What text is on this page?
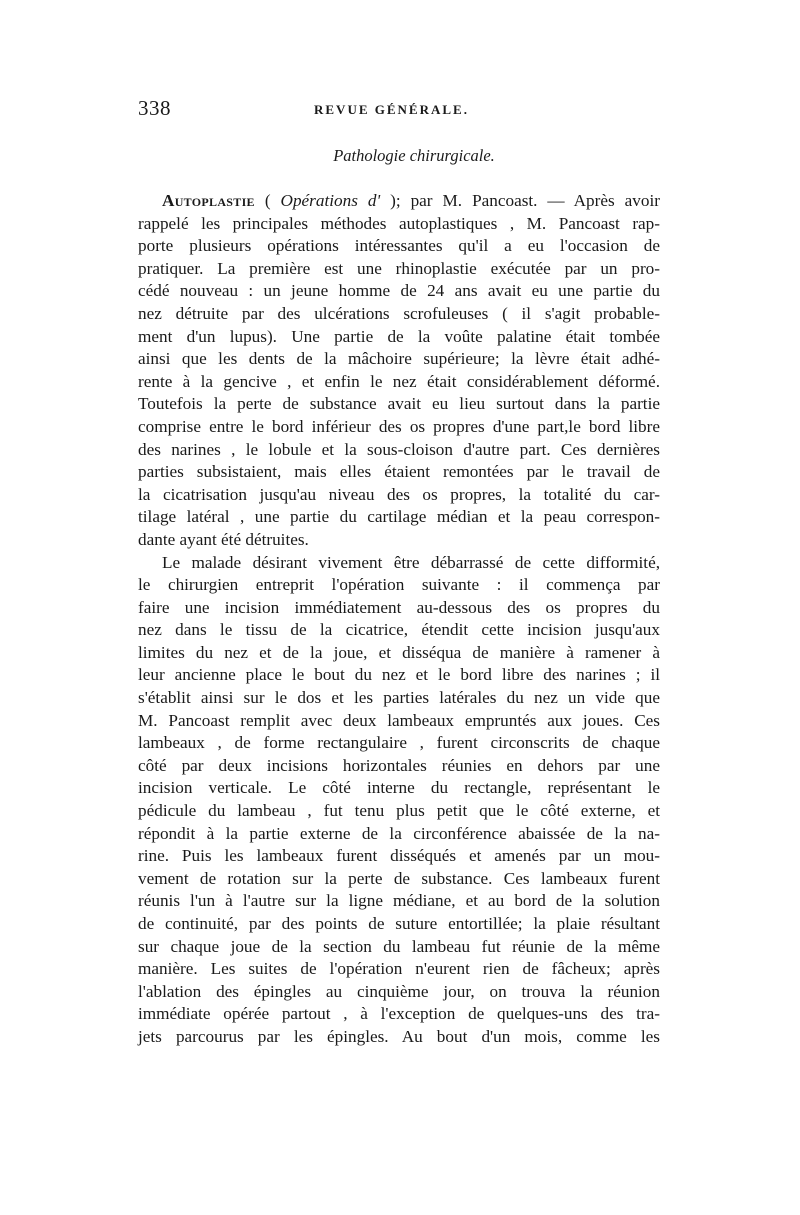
338	REVUE GÉNÉRALE.
Pathologie chirurgicale.
Autoplastie ( Opérations d' ); par M. Pancoast. — Après avoir
rappelé les principales méthodes autoplastiques , M. Pancoast rap-
porte plusieurs opérations intéressantes qu'il a eu l'occasion de
pratiquer. La première est une rhinoplastie exécutée par un pro-
cédé nouveau : un jeune homme de 24 ans avait eu une partie du
nez détruite par des ulcérations scrofuleuses ( il s'agit probable-
ment d'un lupus). Une partie de la voûte palatine était tombée
ainsi que les dents de la mâchoire supérieure; la lèvre était adhé-
rente à la gencive , et enfin le nez était considérablement déformé.
Toutefois la perte de substance avait eu lieu surtout dans la partie
comprise entre le bord inférieur des os propres d'une part,le bord libre
des narines , le lobule et la sous-cloison d'autre part. Ces dernières
parties subsistaient, mais elles étaient remontées par le travail de
la cicatrisation jusqu'au niveau des os propres, la totalité du car-
tilage latéral , une partie du cartilage médian et la peau correspon-
dante ayant été détruites.
Le malade désirant vivement être débarrassé de cette difformité,
le chirurgien entreprit l'opération suivante : il commença par
faire une incision immédiatement au-dessous des os propres du
nez dans le tissu de la cicatrice, étendit cette incision jusqu'aux
limites du nez et de la joue, et disséqua de manière à ramener à
leur ancienne place le bout du nez et le bord libre des narines ; il
s'établit ainsi sur le dos et les parties latérales du nez un vide que
M. Pancoast remplit avec deux lambeaux empruntés aux joues. Ces
lambeaux , de forme rectangulaire , furent circonscrits de chaque
côté par deux incisions horizontales réunies en dehors par une
incision verticale. Le côté interne du rectangle, représentant le
pédicule du lambeau , fut tenu plus petit que le côté externe, et
répondit à la partie externe de la circonférence abaissée de la na-
rine. Puis les lambeaux furent disséqués et amenés par un mou-
vement de rotation sur la perte de substance. Ces lambeaux furent
réunis l'un à l'autre sur la ligne médiane, et au bord de la solution
de continuité, par des points de suture entortillée; la plaie résultant
sur chaque joue de la section du lambeau fut réunie de la même
manière. Les suites de l'opération n'eurent rien de fâcheux; après
l'ablation des épingles au cinquième jour, on trouva la réunion
immédiate opérée partout , à l'exception de quelques-uns des tra-
jets parcourus par les épingles. Au bout d'un mois, comme les
